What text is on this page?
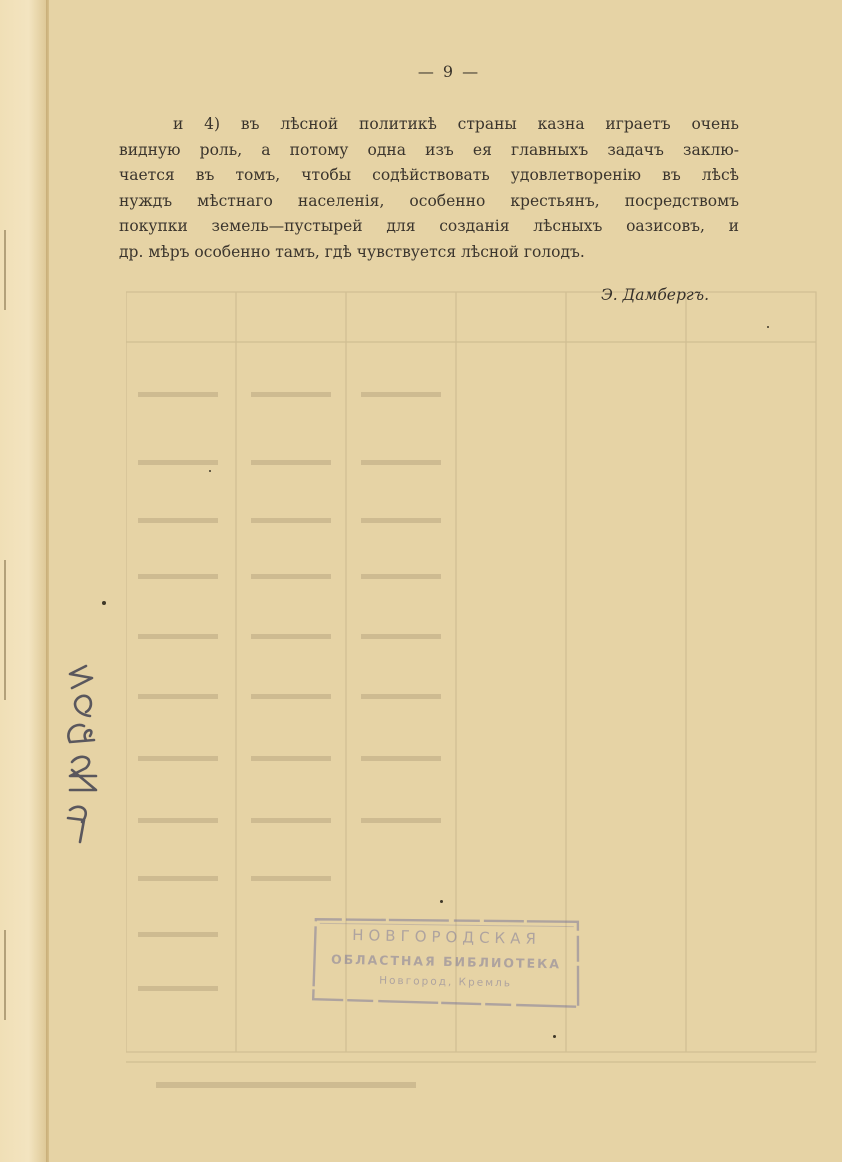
— 9 —
и 4) въ лѣсной политикѣ страны казна играетъ очень
видную роль, а потому одна изъ ея главныхъ задачъ заклю-
чается въ томъ, чтобы содѣйствовать удовлетворенію въ лѣсѣ
нуждъ мѣстнаго населенія, особенно крестьянъ, посредствомъ
покупки земель—пустырей для созданія лѣсныхъ оазисовъ, и
др. мѣръ особенно тамъ, гдѣ чувствуется лѣсной голодъ.
Э. Дамбергъ.
НОВГОРОДСКАЯ
ОБЛАСТНАЯ БИБЛИОТЕКА
Новгород, Кремль
